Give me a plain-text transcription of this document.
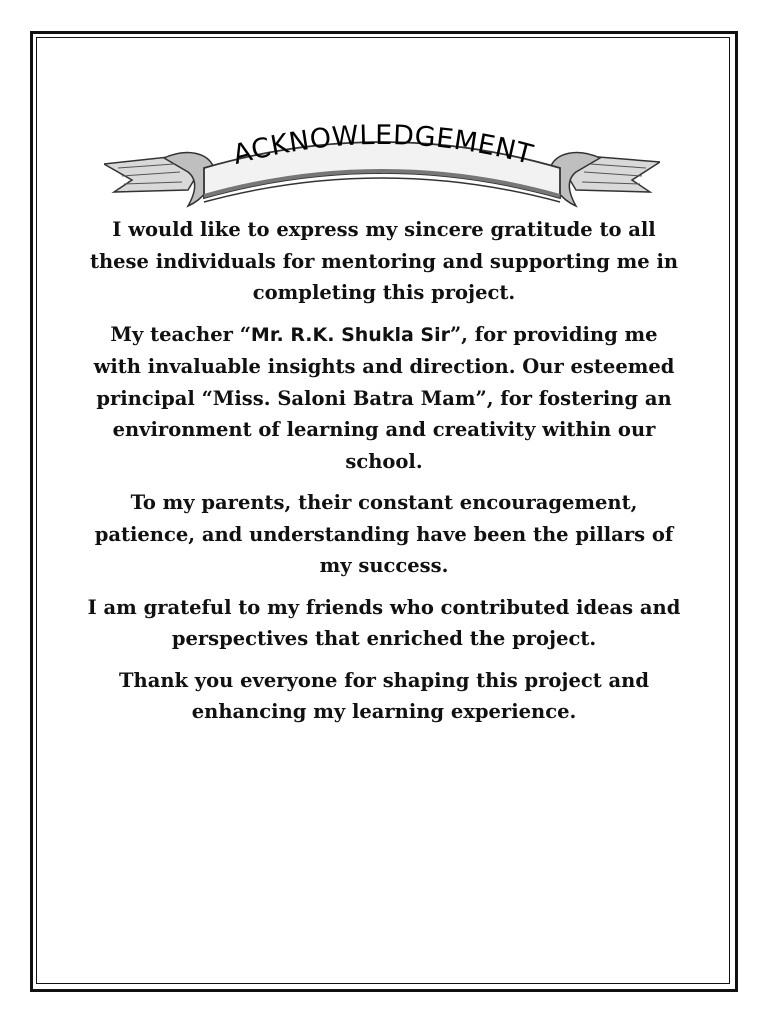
ACKNOWLEDGEMENT

I would like to express my sincere gratitude to all these individuals for mentoring and supporting me in completing this project.

My teacher “Mr. R.K. Shukla Sir”, for providing me with invaluable insights and direction. Our esteemed principal “Miss. Saloni Batra Mam”, for fostering an environment of learning and creativity within our school.

To my parents, their constant encouragement, patience, and understanding have been the pillars of my success.

I am grateful to my friends who contributed ideas and perspectives that enriched the project.

Thank you everyone for shaping this project and enhancing my learning experience.
